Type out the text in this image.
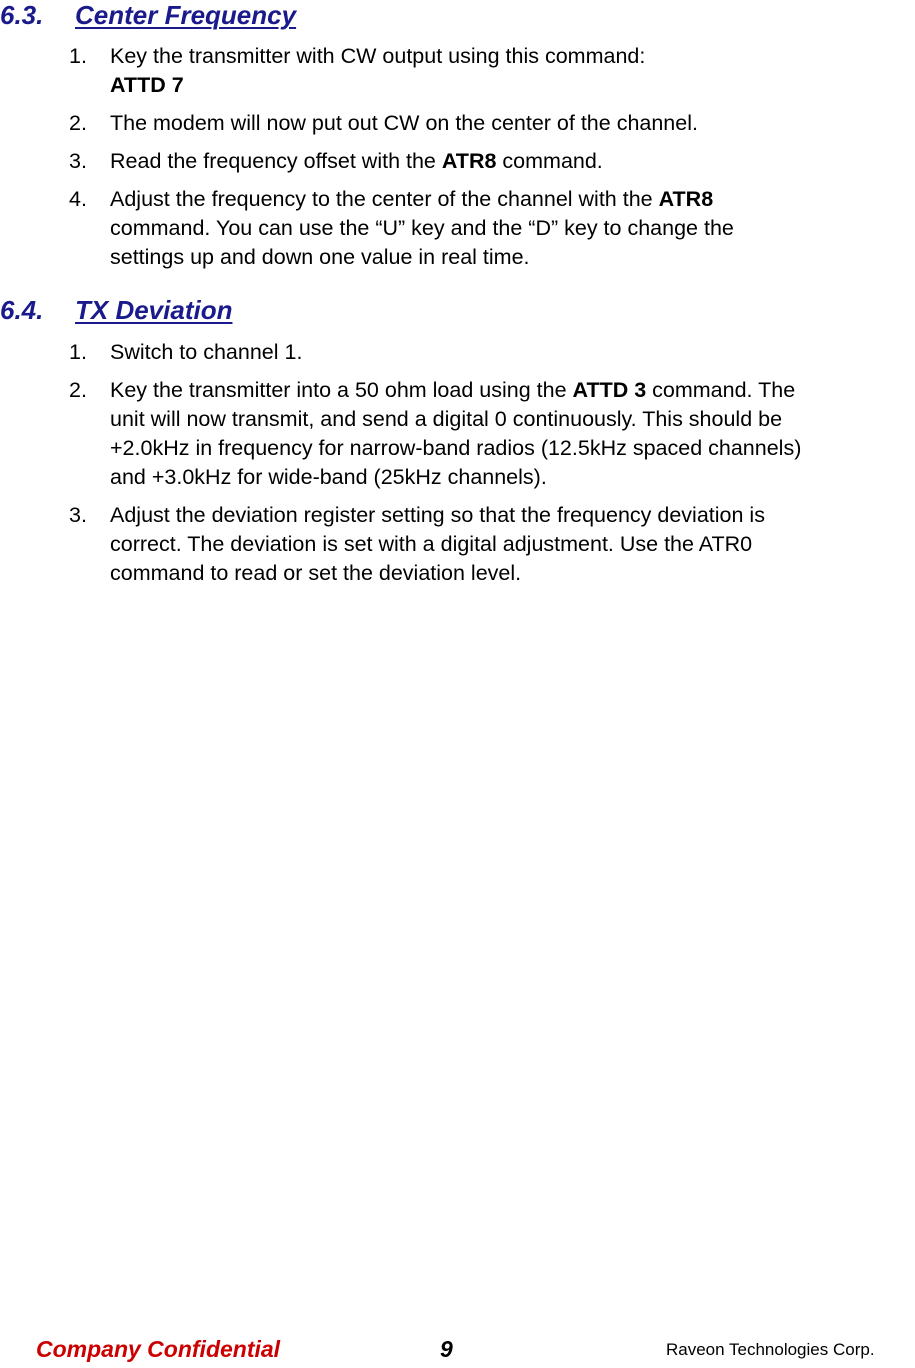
6.3. Center Frequency
1. Key the transmitter with CW output using this command:
ATTD 7
2. The modem will now put out CW on the center of the channel.
3. Read the frequency offset with the ATR8 command.
4. Adjust the frequency to the center of the channel with the ATR8
command. You can use the “U” key and the “D” key to change the
settings up and down one value in real time.
6.4. TX Deviation
1. Switch to channel 1.
2. Key the transmitter into a 50 ohm load using the ATTD 3 command. The
unit will now transmit, and send a digital 0 continuously. This should be
+2.0kHz in frequency for narrow-band radios (12.5kHz spaced channels)
and +3.0kHz for wide-band (25kHz channels).
3. Adjust the deviation register setting so that the frequency deviation is
correct. The deviation is set with a digital adjustment. Use the ATR0
command to read or set the deviation level.
Company Confidential	9	Raveon Technologies Corp.
